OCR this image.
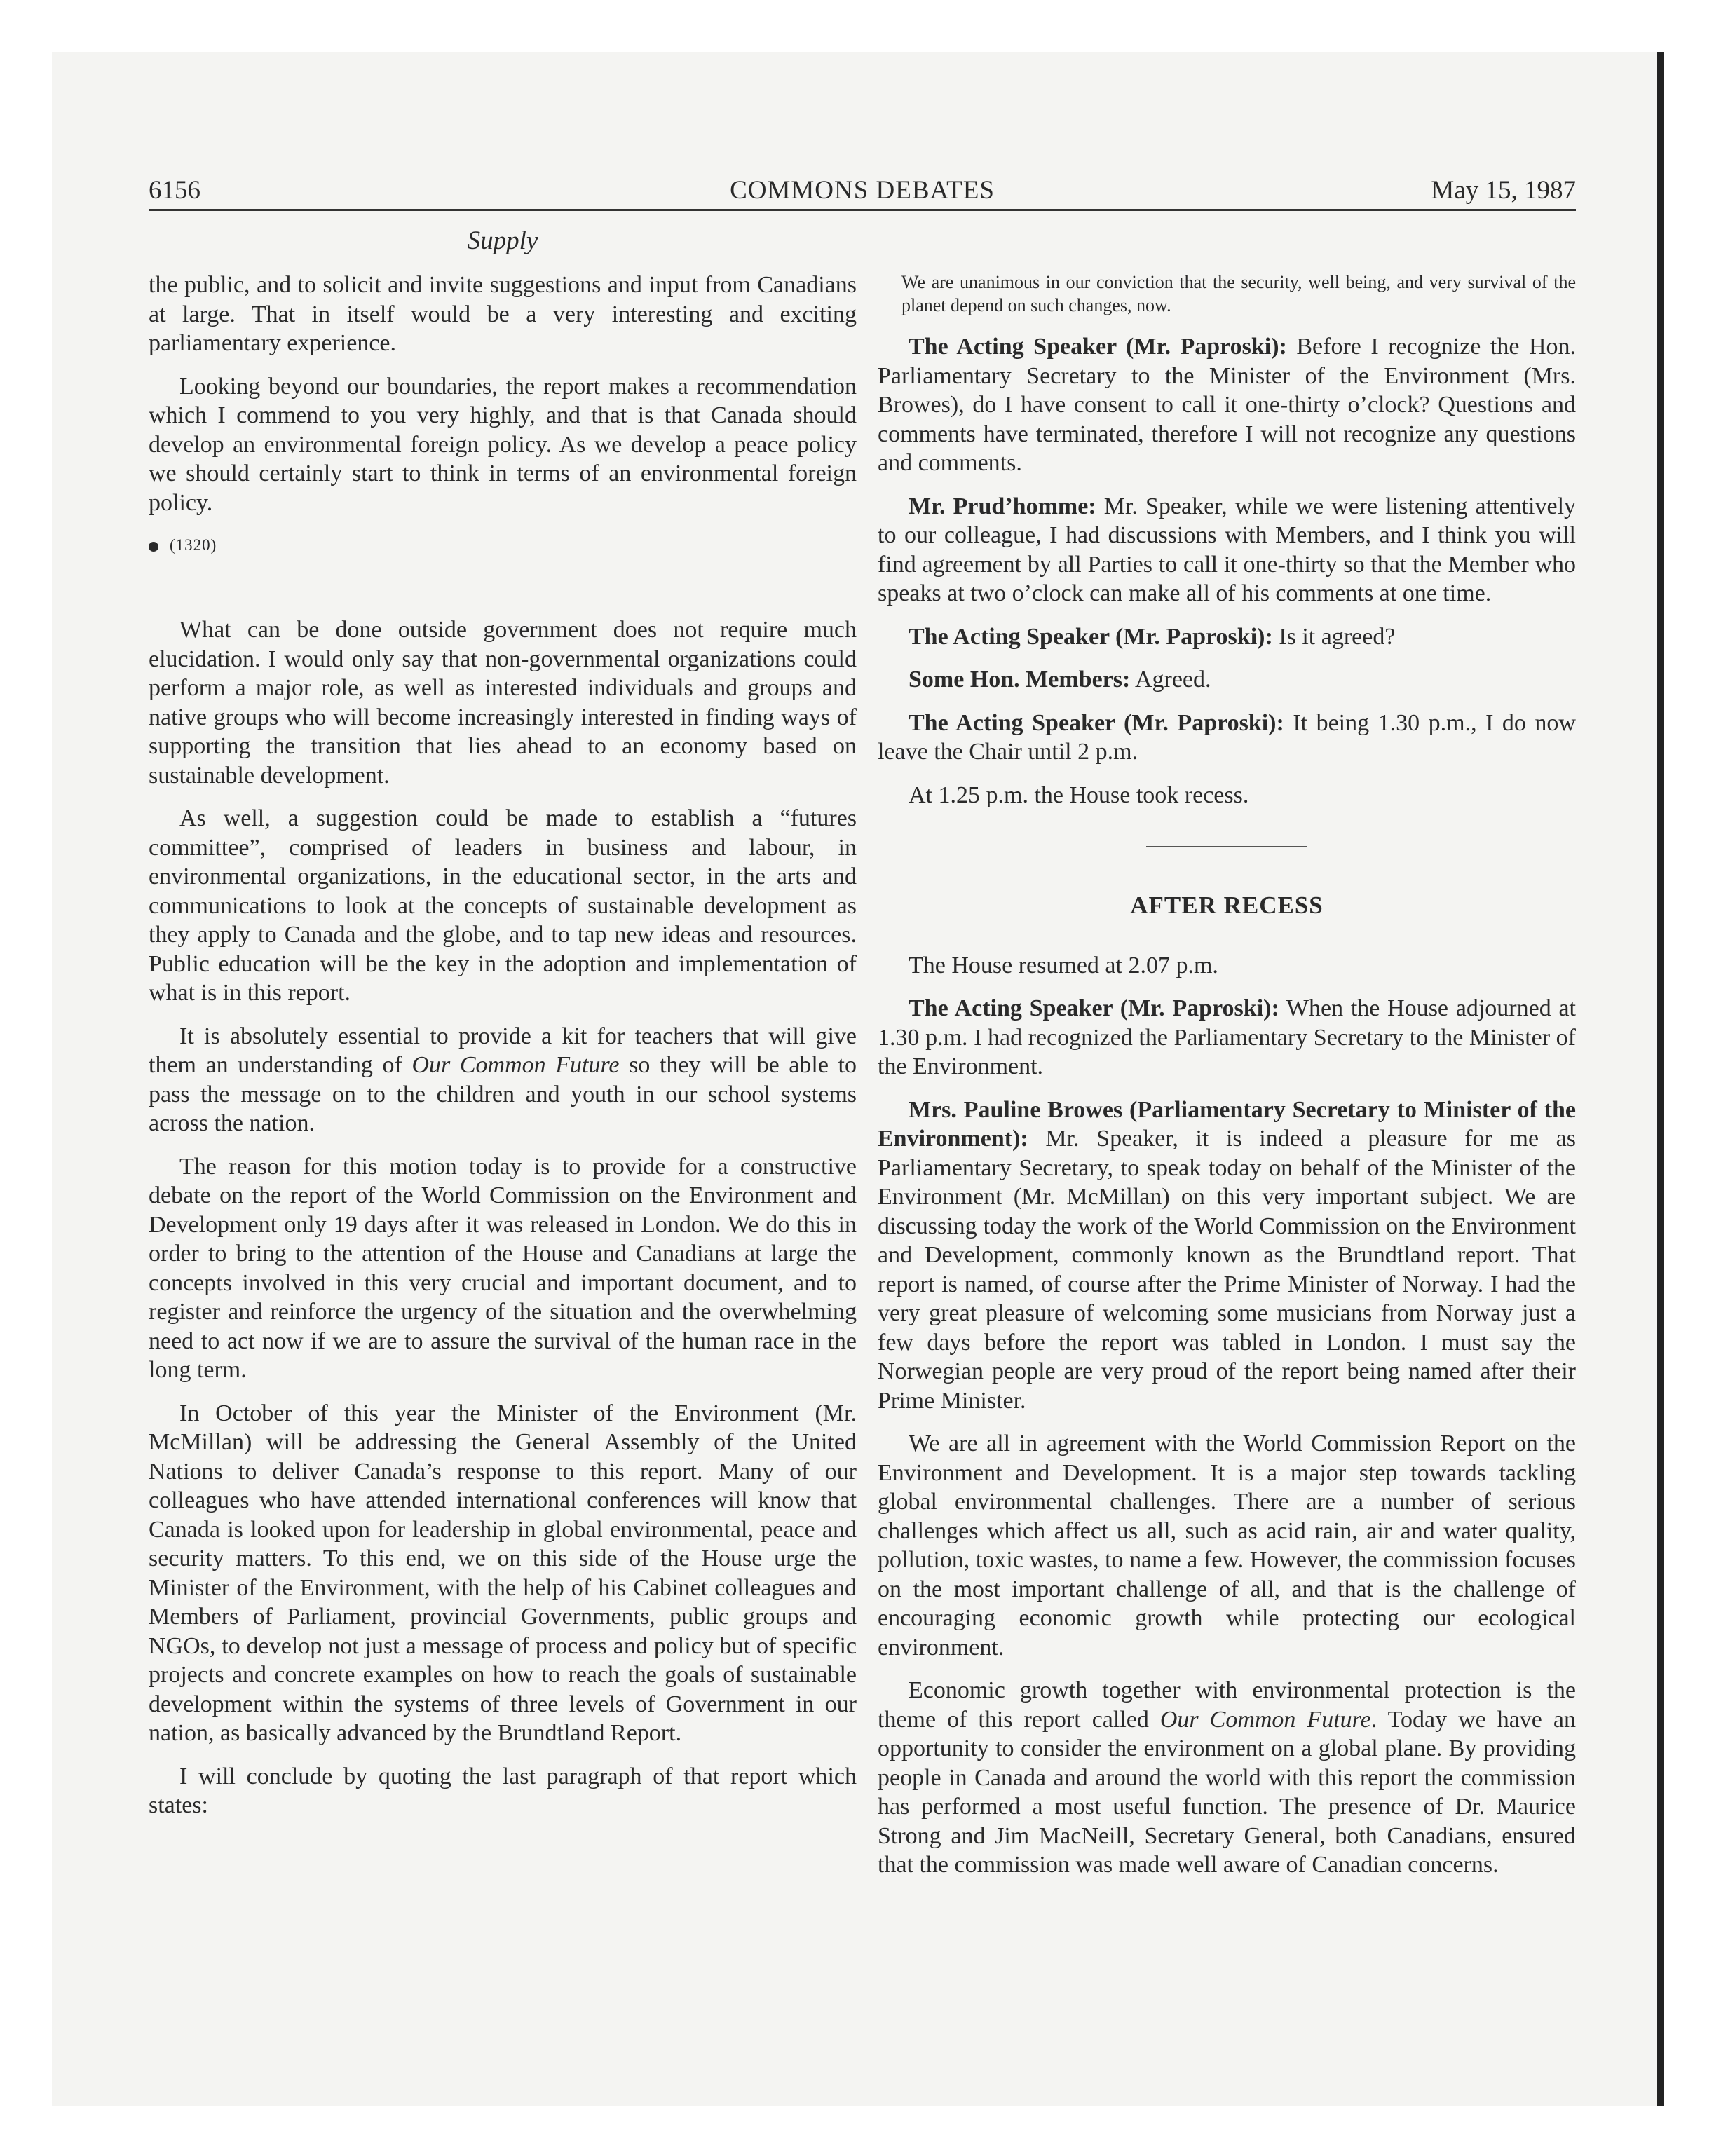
6156	COMMONS DEBATES	May 15, 1987
Supply

the public, and to solicit and invite suggestions and input from Canadians at large. That in itself would be a very interesting and exciting parliamentary experience.

Looking beyond our boundaries, the report makes a recommendation which I commend to you very highly, and that is that Canada should develop an environmental foreign policy. As we develop a peace policy we should certainly start to think in terms of an environmental foreign policy.

(1320)

What can be done outside government does not require much elucidation. I would only say that non-governmental organizations could perform a major role, as well as interested individuals and groups and native groups who will become increasingly interested in finding ways of supporting the transition that lies ahead to an economy based on sustainable development.

As well, a suggestion could be made to establish a “futures committee”, comprised of leaders in business and labour, in environmental organizations, in the educational sector, in the arts and communications to look at the concepts of sustainable development as they apply to Canada and the globe, and to tap new ideas and resources. Public education will be the key in the adoption and implementation of what is in this report.

It is absolutely essential to provide a kit for teachers that will give them an understanding of Our Common Future so they will be able to pass the message on to the children and youth in our school systems across the nation.

The reason for this motion today is to provide for a constructive debate on the report of the World Commission on the Environment and Development only 19 days after it was released in London. We do this in order to bring to the attention of the House and Canadians at large the concepts involved in this very crucial and important document, and to register and reinforce the urgency of the situation and the overwhelming need to act now if we are to assure the survival of the human race in the long term.

In October of this year the Minister of the Environment (Mr. McMillan) will be addressing the General Assembly of the United Nations to deliver Canada’s response to this report. Many of our colleagues who have attended international conferences will know that Canada is looked upon for leadership in global environmental, peace and security matters. To this end, we on this side of the House urge the Minister of the Environment, with the help of his Cabinet colleagues and Members of Parliament, provincial Governments, public groups and NGOs, to develop not just a message of process and policy but of specific projects and concrete examples on how to reach the goals of sustainable development within the systems of three levels of Government in our nation, as basically advanced by the Brundtland Report.

I will conclude by quoting the last paragraph of that report which states:

We are unanimous in our conviction that the security, well being, and very survival of the planet depend on such changes, now.

The Acting Speaker (Mr. Paproski): Before I recognize the Hon. Parliamentary Secretary to the Minister of the Environment (Mrs. Browes), do I have consent to call it one-thirty o’clock? Questions and comments have terminated, therefore I will not recognize any questions and comments.

Mr. Prud’homme: Mr. Speaker, while we were listening attentively to our colleague, I had discussions with Members, and I think you will find agreement by all Parties to call it one-thirty so that the Member who speaks at two o’clock can make all of his comments at one time.

The Acting Speaker (Mr. Paproski): Is it agreed?

Some Hon. Members: Agreed.

The Acting Speaker (Mr. Paproski): It being 1.30 p.m., I do now leave the Chair until 2 p.m.

At 1.25 p.m. the House took recess.

AFTER RECESS

The House resumed at 2.07 p.m.

The Acting Speaker (Mr. Paproski): When the House adjourned at 1.30 p.m. I had recognized the Parliamentary Secretary to the Minister of the Environment.

Mrs. Pauline Browes (Parliamentary Secretary to Minister of the Environment): Mr. Speaker, it is indeed a pleasure for me as Parliamentary Secretary, to speak today on behalf of the Minister of the Environment (Mr. McMillan) on this very important subject. We are discussing today the work of the World Commission on the Environment and Development, commonly known as the Brundtland report. That report is named, of course after the Prime Minister of Norway. I had the very great pleasure of welcoming some musicians from Norway just a few days before the report was tabled in London. I must say the Norwegian people are very proud of the report being named after their Prime Minister.

We are all in agreement with the World Commission Report on the Environment and Development. It is a major step towards tackling global environmental challenges. There are a number of serious challenges which affect us all, such as acid rain, air and water quality, pollution, toxic wastes, to name a few. However, the commission focuses on the most important challenge of all, and that is the challenge of encouraging economic growth while protecting our ecological environment.

Economic growth together with environmental protection is the theme of this report called Our Common Future. Today we have an opportunity to consider the environment on a global plane. By providing people in Canada and around the world with this report the commission has performed a most useful function. The presence of Dr. Maurice Strong and Jim MacNeill, Secretary General, both Canadians, ensured that the commission was made well aware of Canadian concerns.
